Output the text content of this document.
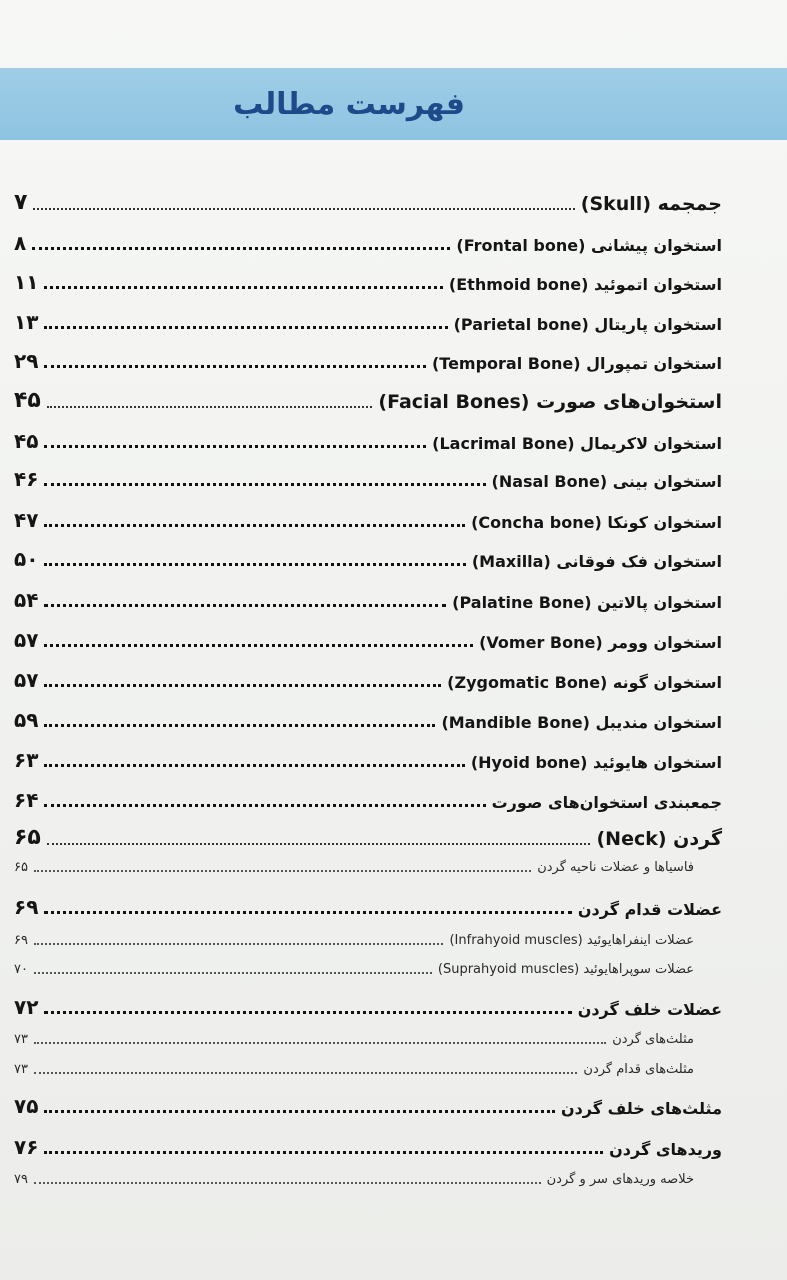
فهرست مطالب
جمجمه (Skull)
۷
استخوان پیشانی (Frontal bone)
۸
استخوان اتموئید (Ethmoid bone)
۱۱
استخوان پاریتال (Parietal bone)
۱۳
استخوان تمپورال (Temporal Bone)
۲۹
استخوان‌های صورت (Facial Bones)
۴۵
استخوان لاکریمال (Lacrimal Bone)
۴۵
استخوان بینی (Nasal Bone)
۴۶
استخوان کونکا (Concha bone)
۴۷
استخوان فک فوقانی (Maxilla)
۵۰
استخوان پالاتین (Palatine Bone)
۵۴
استخوان وومر (Vomer Bone)
۵۷
استخوان گونه (Zygomatic Bone)
۵۷
استخوان مندیبل (Mandible Bone)
۵۹
استخوان هایوئید (Hyoid bone)
۶۳
جمعبندی استخوان‌های صورت
۶۴
گردن (Neck)
۶۵
فاسیاها و عضلات ناحیه گردن
۶۵
عضلات قدام گردن
۶۹
عضلات اینفراهایوئید (Infrahyoid muscles)
۶۹
عضلات سوپراهایوئید (Suprahyoid muscles)
۷۰
عضلات خلف گردن
۷۲
مثلث‌های گردن
۷۳
مثلث‌های قدام گردن
۷۳
مثلث‌های خلف گردن
۷۵
وریدهای گردن
۷۶
خلاصه وریدهای سر و گردن
۷۹
